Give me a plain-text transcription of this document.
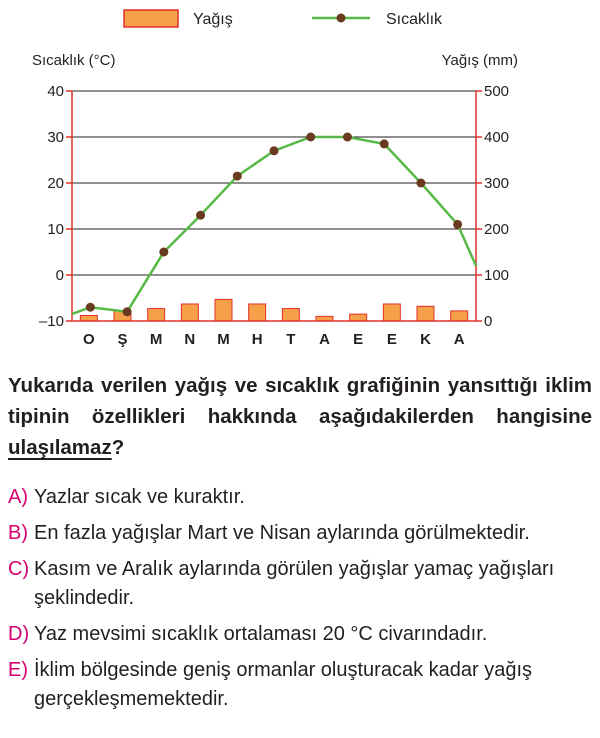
Yağış	Sıcaklık
Sıcaklık (°C)	Yağış (mm)
–10
0
10
20
30
40
0
100
200
300
400
500
O Ş M N M H T A E E K A
Yukarıda verilen yağış ve sıcaklık grafiğinin yansıttığı iklim tipinin özellikleri hakkında aşağıdakilerden hangisine ulaşılamaz?
A) Yazlar sıcak ve kuraktır.
B) En fazla yağışlar Mart ve Nisan aylarında görülmektedir.
C) Kasım ve Aralık aylarında görülen yağışlar yamaç yağışları şeklindedir.
D) Yaz mevsimi sıcaklık ortalaması 20 °C civarındadır.
E) İklim bölgesinde geniş ormanlar oluşturacak kadar yağış gerçekleşmemektedir.
